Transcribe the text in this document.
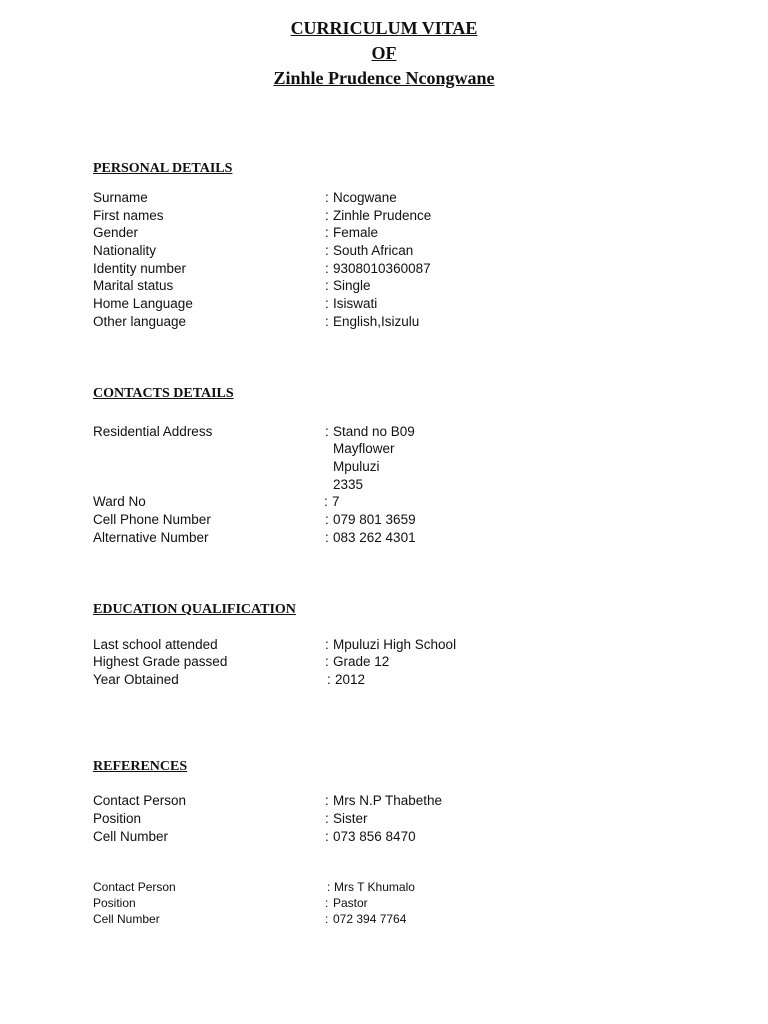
CURRICULUM VITAE
OF
Zinhle Prudence Ncongwane
PERSONAL DETAILS
Surname	: Ncogwane
First names	: Zinhle Prudence
Gender	: Female
Nationality	: South African
Identity number	: 9308010360087
Marital status	: Single
Home Language	: Isiswati
Other language	: English,Isizulu
CONTACTS DETAILS
Residential Address	: Stand no B09
Mayflower
Mpuluzi
2335
Ward No	: 7
Cell Phone Number	: 079 801 3659
Alternative Number	: 083 262 4301
EDUCATION QUALIFICATION
Last school attended	: Mpuluzi High School
Highest Grade passed	: Grade 12
Year Obtained	: 2012
REFERENCES
Contact Person	: Mrs N.P Thabethe
Position	: Sister
Cell Number	: 073 856 8470
Contact Person	: Mrs T Khumalo
Position	: Pastor
Cell Number	: 072 394 7764
